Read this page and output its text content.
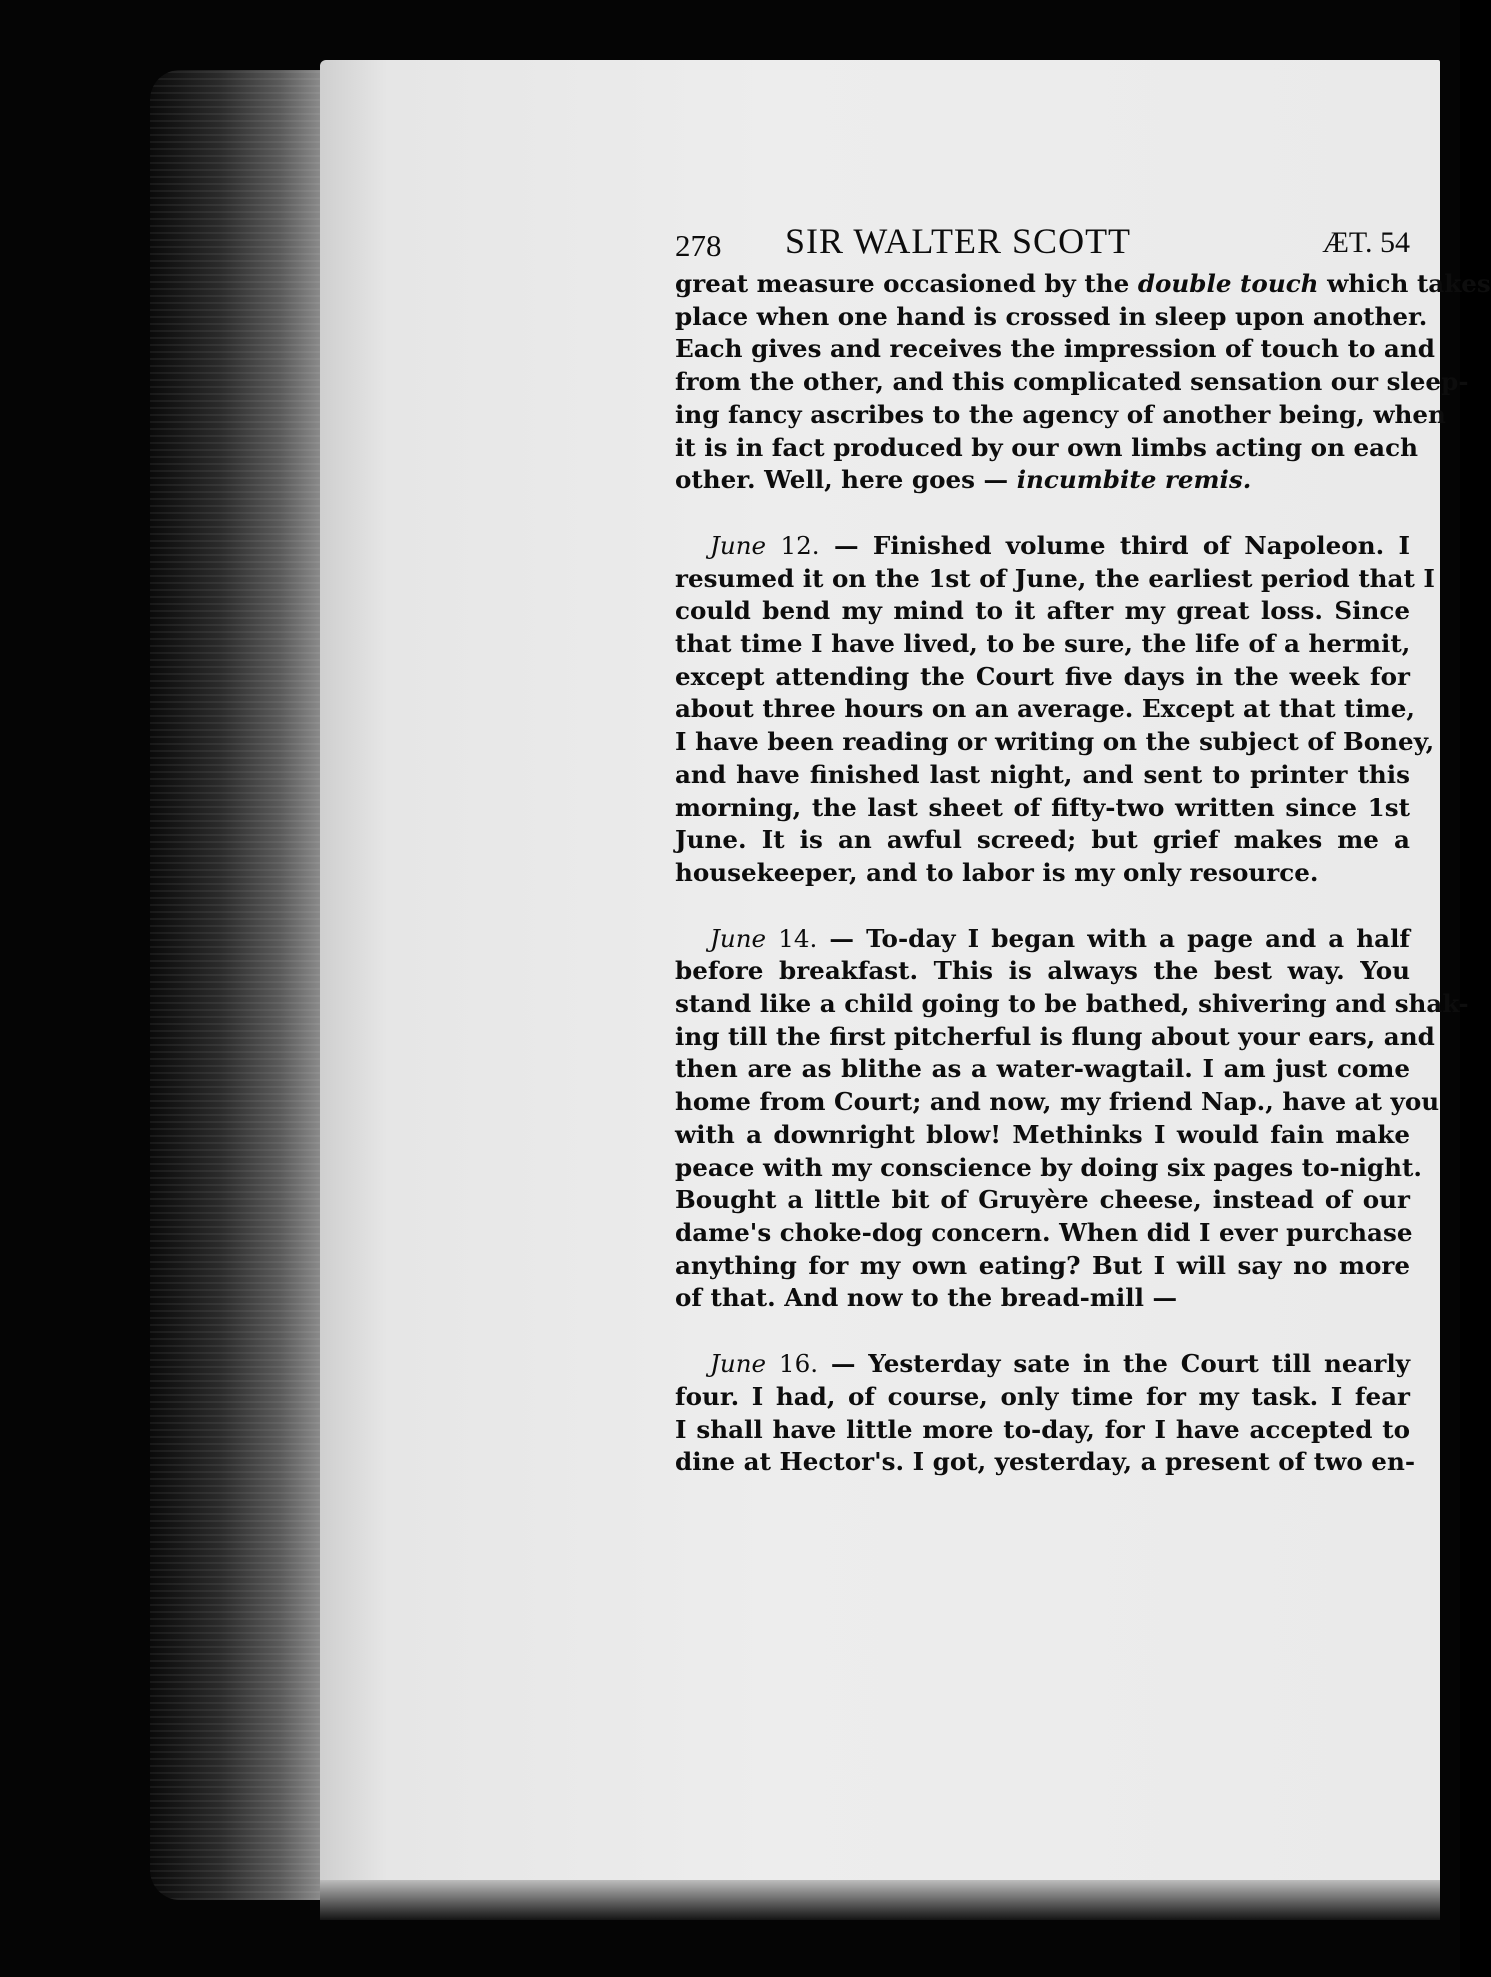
278 SIR WALTER SCOTT	ÆT. 54
great measure occasioned by the double touch which takes
place when one hand is crossed in sleep upon another.
Each gives and receives the impression of touch to and
from the other, and this complicated sensation our sleep-
ing fancy ascribes to the agency of another being, when
it is in fact produced by our own limbs acting on each
other. Well, here goes — incumbite remis.
June 12. — Finished volume third of Napoleon. I
resumed it on the 1st of June, the earliest period that I
could bend my mind to it after my great loss. Since
that time I have lived, to be sure, the life of a hermit,
except attending the Court five days in the week for
about three hours on an average. Except at that time,
I have been reading or writing on the subject of Boney,
and have finished last night, and sent to printer this
morning, the last sheet of fifty-two written since 1st
June. It is an awful screed; but grief makes me a
housekeeper, and to labor is my only resource.
June 14. — To-day I began with a page and a half
before breakfast. This is always the best way. You
stand like a child going to be bathed, shivering and shak-
ing till the first pitcherful is flung about your ears, and
then are as blithe as a water-wagtail. I am just come
home from Court; and now, my friend Nap., have at you
with a downright blow! Methinks I would fain make
peace with my conscience by doing six pages to-night.
Bought a little bit of Gruyère cheese, instead of our
dame's choke-dog concern. When did I ever purchase
anything for my own eating? But I will say no more
of that. And now to the bread-mill —
June 16. — Yesterday sate in the Court till nearly
four. I had, of course, only time for my task. I fear
I shall have little more to-day, for I have accepted to
dine at Hector's. I got, yesterday, a present of two en-
